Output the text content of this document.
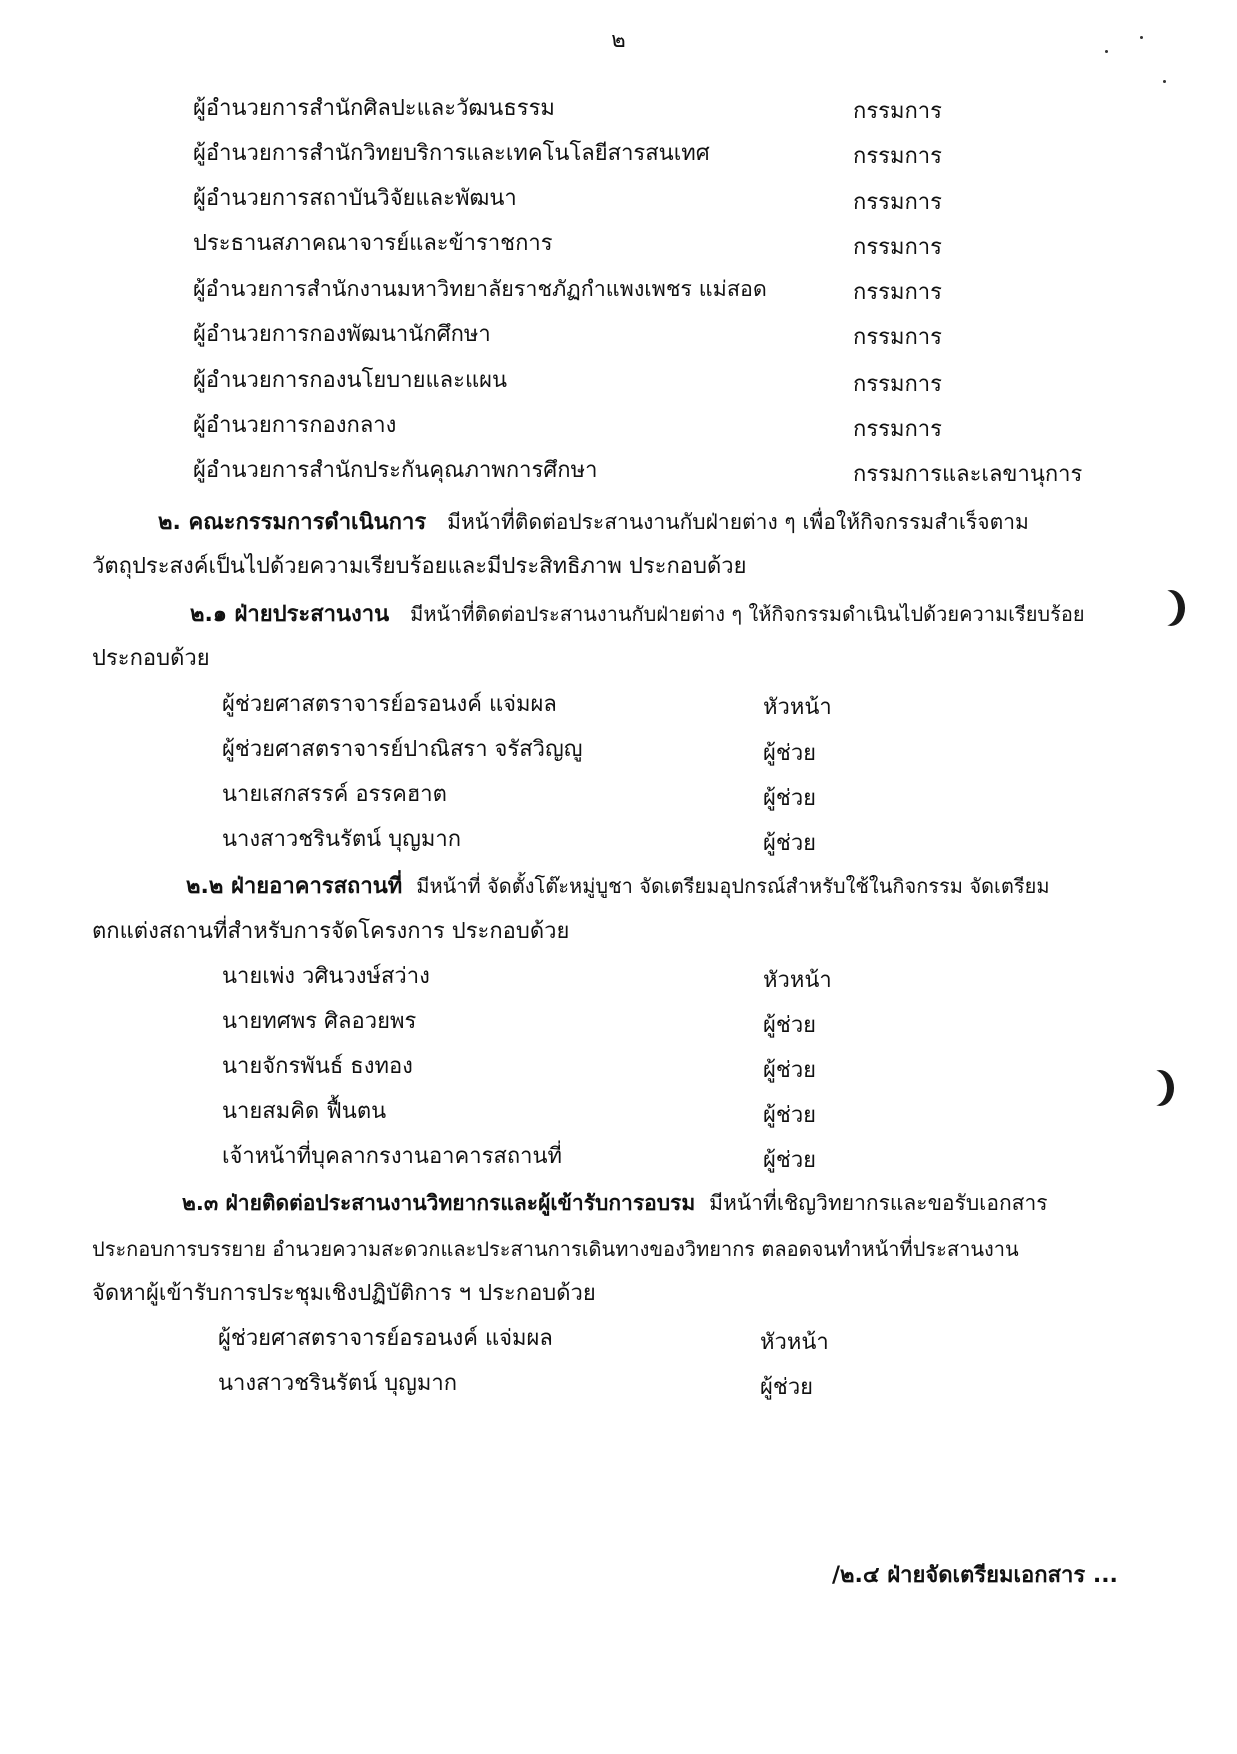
๒
ผู้อำนวยการสำนักศิลปะและวัฒนธรรม	กรรมการ
ผู้อำนวยการสำนักวิทยบริการและเทคโนโลยีสารสนเทศ	กรรมการ
ผู้อำนวยการสถาบันวิจัยและพัฒนา	กรรมการ
ประธานสภาคณาจารย์และข้าราชการ	กรรมการ
ผู้อำนวยการสำนักงานมหาวิทยาลัยราชภัฏกำแพงเพชร แม่สอด	กรรมการ
ผู้อำนวยการกองพัฒนานักศึกษา	กรรมการ
ผู้อำนวยการกองนโยบายและแผน	กรรมการ
ผู้อำนวยการกองกลาง	กรรมการ
ผู้อำนวยการสำนักประกันคุณภาพการศึกษา	กรรมการและเลขานุการ
๒. คณะกรรมการดำเนินการ มีหน้าที่ติดต่อประสานงานกับฝ่ายต่าง ๆ เพื่อให้กิจกรรมสำเร็จตาม
วัตถุประสงค์เป็นไปด้วยความเรียบร้อยและมีประสิทธิภาพ ประกอบด้วย
๒.๑ ฝ่ายประสานงาน มีหน้าที่ติดต่อประสานงานกับฝ่ายต่าง ๆ ให้กิจกรรมดำเนินไปด้วยความเรียบร้อย
ประกอบด้วย
ผู้ช่วยศาสตราจารย์อรอนงค์ แจ่มผล	หัวหน้า
ผู้ช่วยศาสตราจารย์ปาณิสรา จรัสวิญญู	ผู้ช่วย
นายเสกสรรค์ อรรคฮาต	ผู้ช่วย
นางสาวชรินรัตน์ บุญมาก	ผู้ช่วย
๒.๒ ฝ่ายอาคารสถานที่ มีหน้าที่ จัดตั้งโต๊ะหมู่บูชา จัดเตรียมอุปกรณ์สำหรับใช้ในกิจกรรม จัดเตรียม
ตกแต่งสถานที่สำหรับการจัดโครงการ ประกอบด้วย
นายเพ่ง วศินวงษ์สว่าง	หัวหน้า
นายทศพร ศิลอวยพร	ผู้ช่วย
นายจักรพันธ์ ธงทอง	ผู้ช่วย
นายสมคิด ฟื้นตน	ผู้ช่วย
เจ้าหน้าที่บุคลากรงานอาคารสถานที่	ผู้ช่วย
๒.๓ ฝ่ายติดต่อประสานงานวิทยากรและผู้เข้ารับการอบรม มีหน้าที่เชิญวิทยากรและขอรับเอกสาร
ประกอบการบรรยาย อำนวยความสะดวกและประสานการเดินทางของวิทยากร ตลอดจนทำหน้าที่ประสานงาน
จัดหาผู้เข้ารับการประชุมเชิงปฏิบัติการ ฯ ประกอบด้วย
ผู้ช่วยศาสตราจารย์อรอนงค์ แจ่มผล	หัวหน้า
นางสาวชรินรัตน์ บุญมาก	ผู้ช่วย
/๒.๔ ฝ่ายจัดเตรียมเอกสาร ...
